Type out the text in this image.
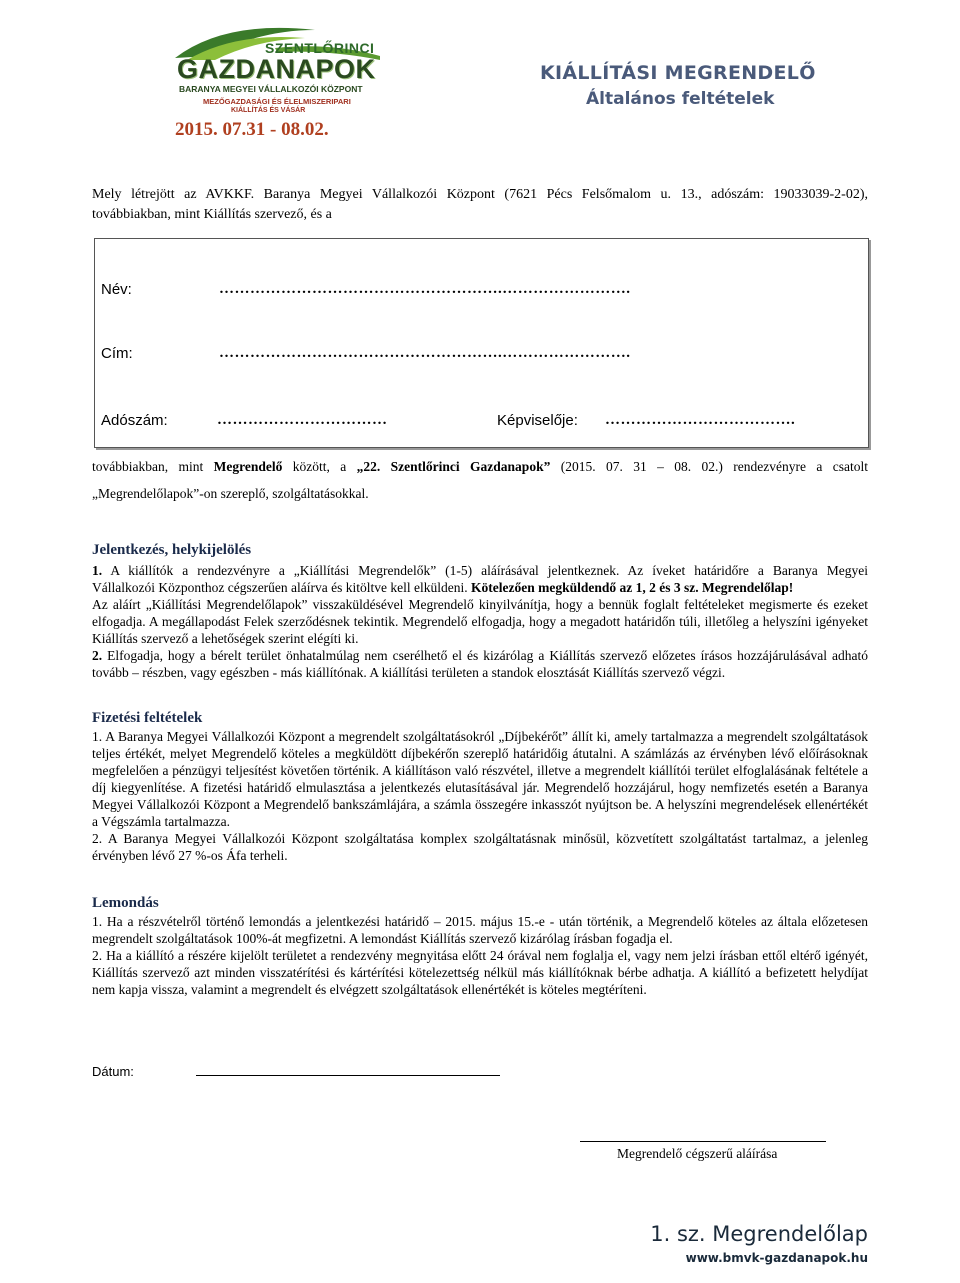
SZENTLŐRINCI
GAZDANAPOK
BARANYA MEGYEI VÁLLALKOZÓI KÖZPONT
MEZŐGAZDASÁGI ÉS ÉLELMISZERIPARI
KIÁLLÍTÁS ÉS VÁSÁR
2015. 07.31 - 08.02.
KIÁLLÍTÁSI MEGRENDELŐ
Általános feltételek
Mely létrejött az AVKKF. Baranya Megyei Vállalkozói Központ (7621 Pécs Felsőmalom u. 13., adószám: 19033039-2-02),
továbbiakban, mint Kiállítás szervező, és a
Név:	……………………………………………….…………………….
Cím:	……………………………………………….…………………….
Adószám:	……………………………	Képviselője: ……………………………….
továbbiakban, mint Megrendelő között, a „22. Szentlőrinci Gazdanapok” (2015. 07. 31 – 08. 02.) rendezvényre a csatolt
„Megrendelőlapok”-on szereplő, szolgáltatásokkal.
Jelentkezés, helykijelölés
1. A kiállítók a rendezvényre a „Kiállítási Megrendelők” (1-5) aláírásával jelentkeznek. Az íveket határidőre a Baranya Megyei
Vállalkozói Központhoz cégszerűen aláírva és kitöltve kell elküldeni. Kötelezően megküldendő az 1, 2 és 3 sz. Megrendelőlap!
Az aláírt „Kiállítási Megrendelőlapok” visszaküldésével Megrendelő kinyilvánítja, hogy a bennük foglalt feltételeket megismerte és ezeket elfogadja. A megállapodást Felek szerződésnek tekintik. Megrendelő elfogadja, hogy a megadott határidőn túli, illetőleg a helyszíni igényeket Kiállítás szervező a lehetőségek szerint elégíti ki.
2. Elfogadja, hogy a bérelt terület önhatalmúlag nem cserélhető el és kizárólag a Kiállítás szervező előzetes írásos hozzájárulásával adható tovább – részben, vagy egészben - más kiállítónak. A kiállítási területen a standok elosztását Kiállítás szervező végzi.
Fizetési feltételek
1. A Baranya Megyei Vállalkozói Központ a megrendelt szolgáltatásokról „Díjbekérőt” állít ki, amely tartalmazza a megrendelt szolgáltatások teljes értékét, melyet Megrendelő köteles a megküldött díjbekérőn szereplő határidőig átutalni. A számlázás az érvényben lévő előírásoknak megfelelően a pénzügyi teljesítést követően történik. A kiállításon való részvétel, illetve a megrendelt kiállítói terület elfoglalásának feltétele a díj kiegyenlítése. A fizetési határidő elmulasztása a jelentkezés elutasításával jár. Megrendelő hozzájárul, hogy nemfizetés esetén a Baranya Megyei Vállalkozói Központ a Megrendelő bankszámlájára, a számla összegére inkasszót nyújtson be. A helyszíni megrendelések ellenértékét a Végszámla tartalmazza.
2. A Baranya Megyei Vállalkozói Központ szolgáltatása komplex szolgáltatásnak minősül, közvetített szolgáltatást tartalmaz, a jelenleg érvényben lévő 27 %-os Áfa terheli.
Lemondás
1. Ha a részvételről történő lemondás a jelentkezési határidő – 2015. május 15.-e - után történik, a Megrendelő köteles az általa előzetesen megrendelt szolgáltatások 100%-át megfizetni. A lemondást Kiállítás szervező kizárólag írásban fogadja el.
2. Ha a kiállító a részére kijelölt területet a rendezvény megnyitása előtt 24 órával nem foglalja el, vagy nem jelzi írásban ettől eltérő igényét, Kiállítás szervező azt minden visszatérítési és kártérítési kötelezettség nélkül más kiállítóknak bérbe adhatja. A kiállító a befizetett helydíjat nem kapja vissza, valamint a megrendelt és elvégzett szolgáltatások ellenértékét is köteles megtéríteni.
Dátum:
Megrendelő cégszerű aláírása
1. sz. Megrendelőlap
www.bmvk-gazdanapok.hu
